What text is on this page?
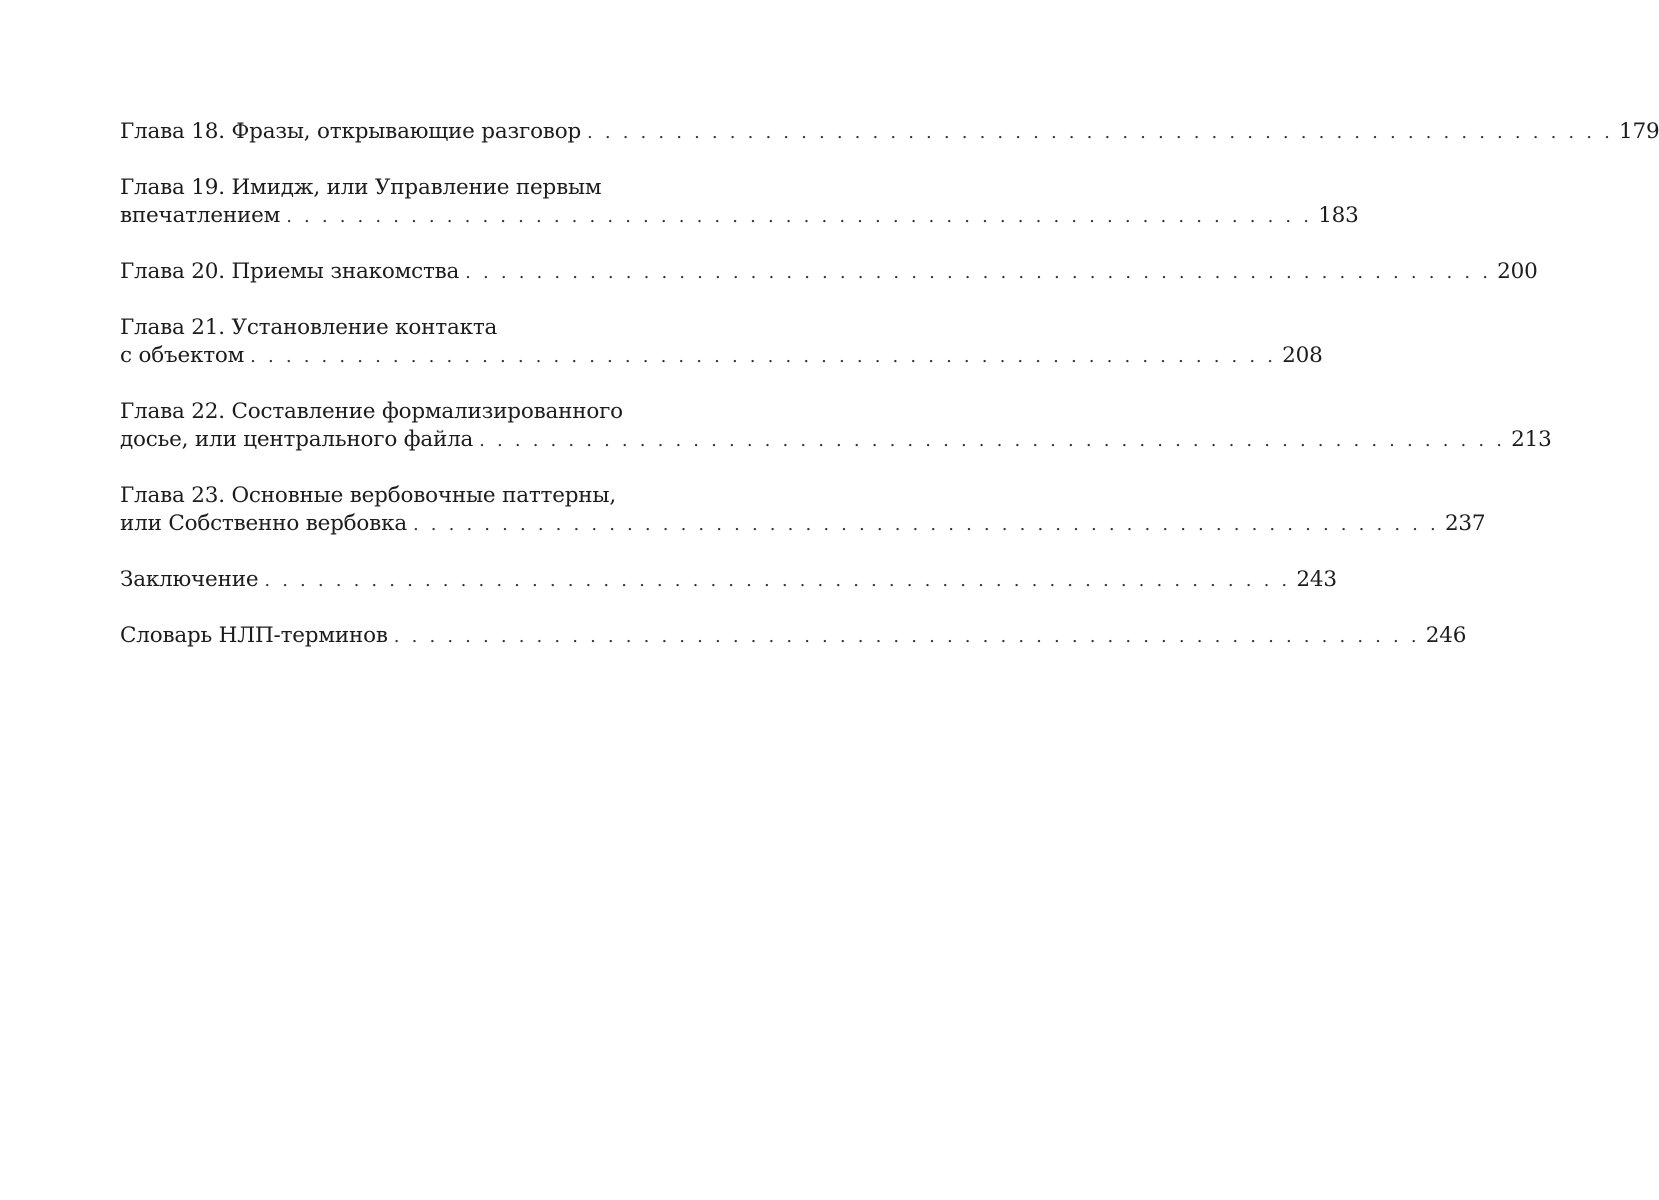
Глава 18. Фразы, открывающие разговор . . . . . . . . . . . . . . . . . . . . . . . . . . . . . . . . . . . . . . . . . . . . . . . . . . . . . . . . . . 179
Глава 19. Имидж, или Управление первым
впечатлением . . . . . . . . . . . . . . . . . . . . . . . . . . . . . . . . . . . . . . . . . . . . . . . . . . . . . . . . . . 183
Глава 20. Приемы знакомства . . . . . . . . . . . . . . . . . . . . . . . . . . . . . . . . . . . . . . . . . . . . . . . . . . . . . . . . . . 200
Глава 21. Установление контакта
с объектом . . . . . . . . . . . . . . . . . . . . . . . . . . . . . . . . . . . . . . . . . . . . . . . . . . . . . . . . . . 208
Глава 22. Составление формализированного
досье, или центрального файла . . . . . . . . . . . . . . . . . . . . . . . . . . . . . . . . . . . . . . . . . . . . . . . . . . . . . . . . . . 213
Глава 23. Основные вербовочные паттерны,
или Собственно вербовка . . . . . . . . . . . . . . . . . . . . . . . . . . . . . . . . . . . . . . . . . . . . . . . . . . . . . . . . . . 237
Заключение . . . . . . . . . . . . . . . . . . . . . . . . . . . . . . . . . . . . . . . . . . . . . . . . . . . . . . . . . . 243
Словарь НЛП-терминов . . . . . . . . . . . . . . . . . . . . . . . . . . . . . . . . . . . . . . . . . . . . . . . . . . . . . . . . . . 246
